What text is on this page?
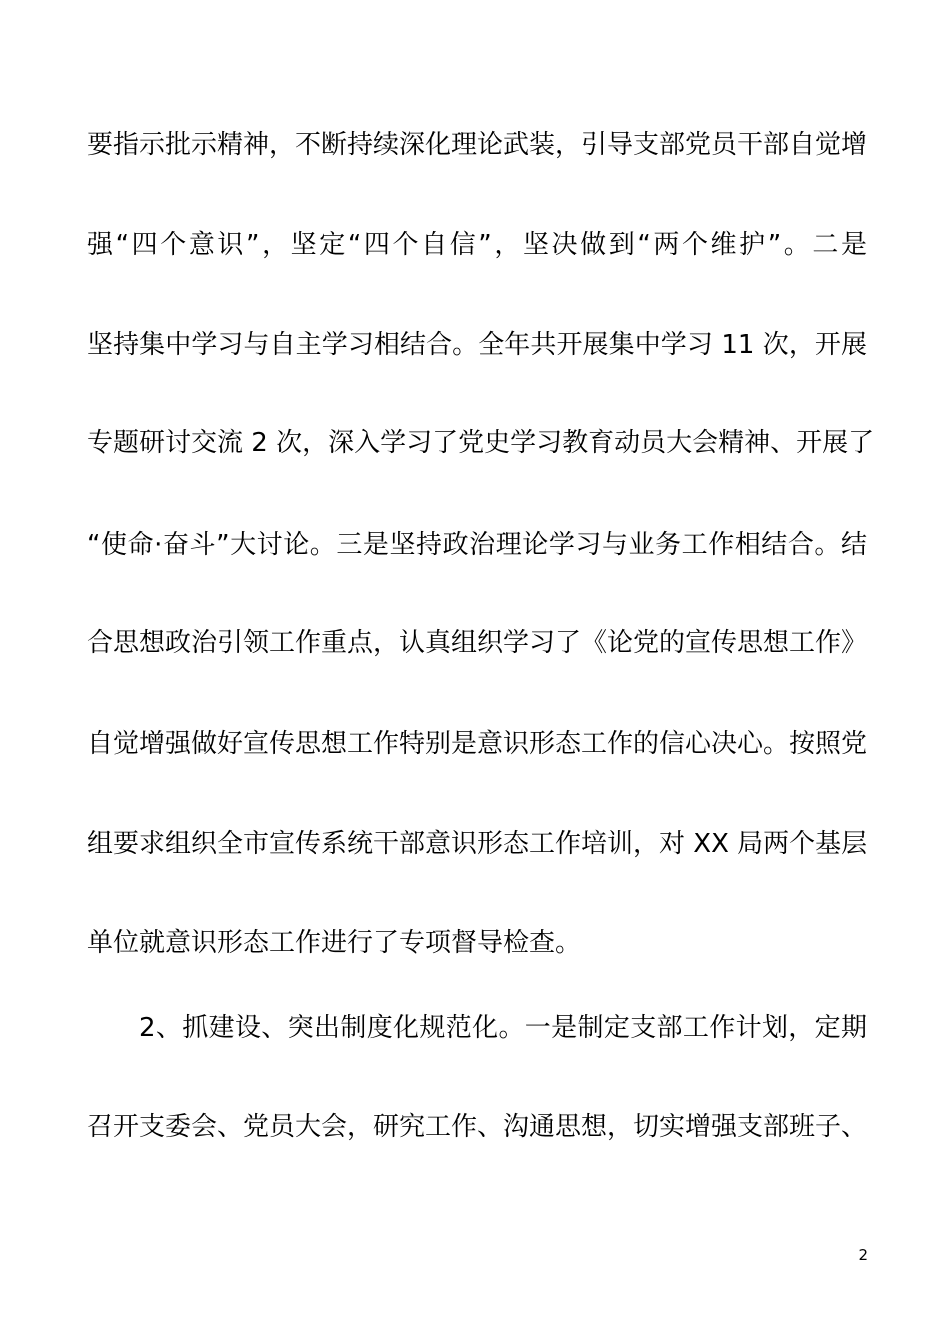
要指示批示精神，不断持续深化理论武装，引导支部党员干部自觉增
强“四个意识”，坚定“四个自信”，坚决做到“两个维护”。二是
坚持集中学习与自主学习相结合。全年共开展集中学习 11 次，开展
专题研讨交流 2 次，深入学习了党史学习教育动员大会精神、开展了
“使命·奋斗”大讨论。三是坚持政治理论学习与业务工作相结合。结
合思想政治引领工作重点，认真组织学习了《论党的宣传思想工作》
自觉增强做好宣传思想工作特别是意识形态工作的信心决心。按照党
组要求组织全市宣传系统干部意识形态工作培训，对 XX 局两个基层
单位就意识形态工作进行了专项督导检查。
2、抓建设、突出制度化规范化。一是制定支部工作计划，定期
召开支委会、党员大会，研究工作、沟通思想，切实增强支部班子、
2
